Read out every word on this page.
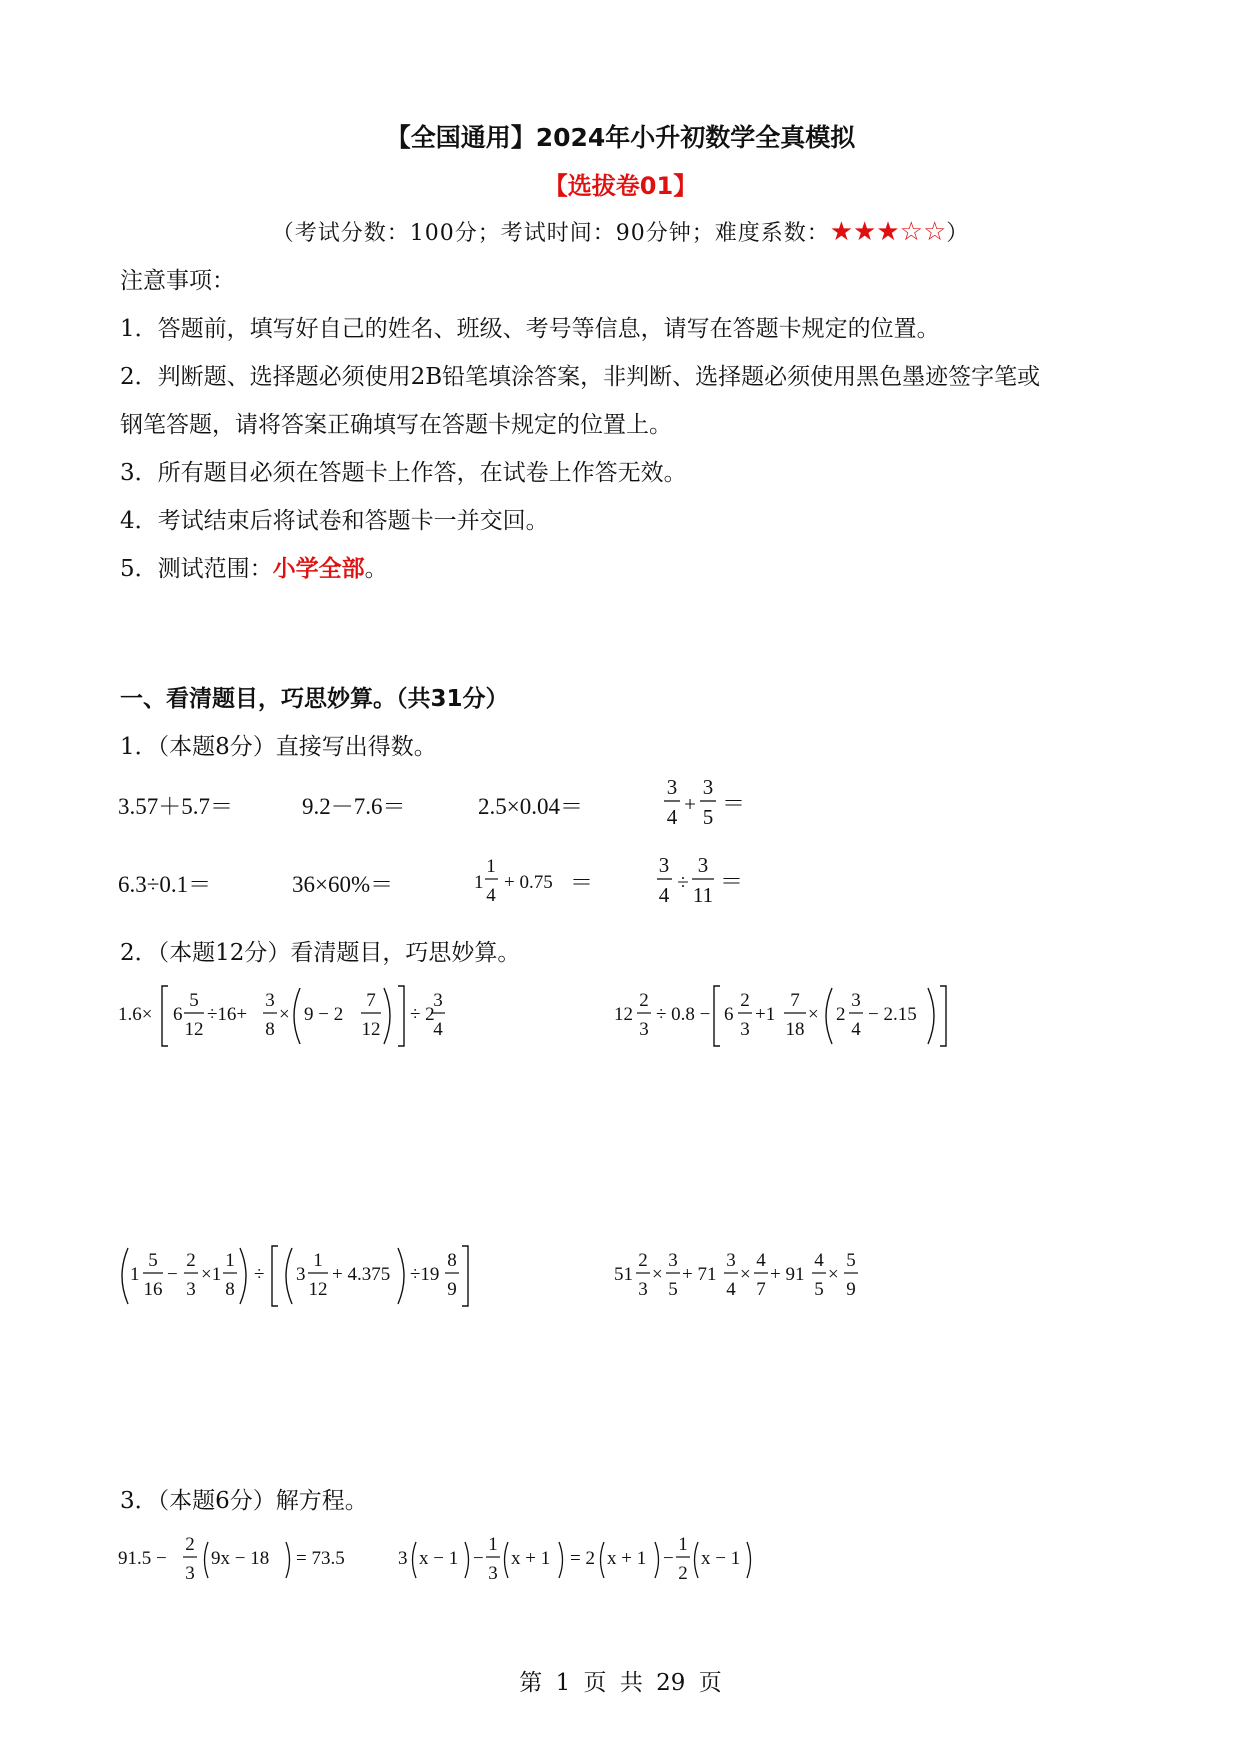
【全国通用】2024年小升初数学全真模拟
【选拔卷01】
（考试分数：100分；考试时间：90分钟；难度系数：★★★☆☆）
注意事项：
1．答题前，填写好自己的姓名、班级、考号等信息，请写在答题卡规定的位置。
2．判断题、选择题必须使用2B铅笔填涂答案，非判断、选择题必须使用黑色墨迹签字笔或
钢笔答题，请将答案正确填写在答题卡规定的位置上。
3．所有题目必须在答题卡上作答，在试卷上作答无效。
4．考试结束后将试卷和答题卡一并交回。
5．测试范围：小学全部。
一、看清题目，巧思妙算。（共31分）
1．（本题8分）直接写出得数。
3.57＋5.7＝	9.2－7.6＝	2.5×0.04＝
3
4
+
3
5
＝
6.3÷0.1＝	36×60%＝	1
1
4
+ 0.75 ＝
3
4
÷
3
11
＝
2．（本题12分）看清题目，巧思妙算。
1.6× 6
5
12
÷16+
3
8
× 9 − 2
7
12
÷ 2
3
4
12
2
3
÷ 0.8 − 6
2
3
+1
7
18
× 2
3
4
− 2.15
1
5
16
−
2
3
×1
1
8
÷ 3
1
12
+ 4.375 ÷19
8
9
51
2
3
×
3
5
+ 71
3
4
×
4
7
+ 91
4
5
×
5
9
3．（本题6分）解方程。
91.5 −
2
3
9x − 18 = 73.5	3 x − 1 −
1
3
x + 1 = 2 x + 1 −
1
2
x − 1
第 1 页 共 29 页
